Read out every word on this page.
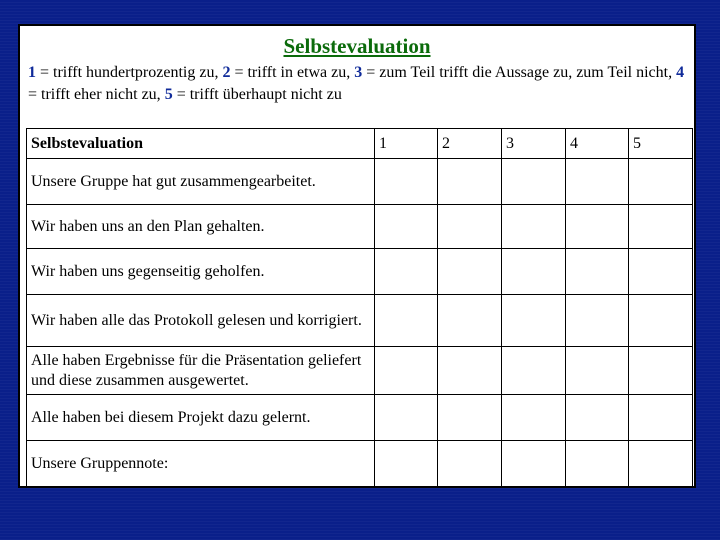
Selbstevaluation
1 = trifft hundertprozentig zu, 2 = trifft in etwa zu, 3 = zum Teil trifft die Aussage zu, zum Teil nicht, 4 = trifft eher nicht zu, 5 = trifft überhaupt nicht zu
Selbstevaluation	1	2	3	4	5
Unsere Gruppe hat gut zusammengearbeitet.					
Wir haben uns an den Plan gehalten.					
Wir haben uns gegenseitig geholfen.					
Wir haben alle das Protokoll gelesen und korrigiert.					
Alle haben Ergebnisse für die Präsentation geliefert und diese zusammen ausgewertet.					
Alle haben bei diesem Projekt dazu gelernt.					
Unsere Gruppennote:					
